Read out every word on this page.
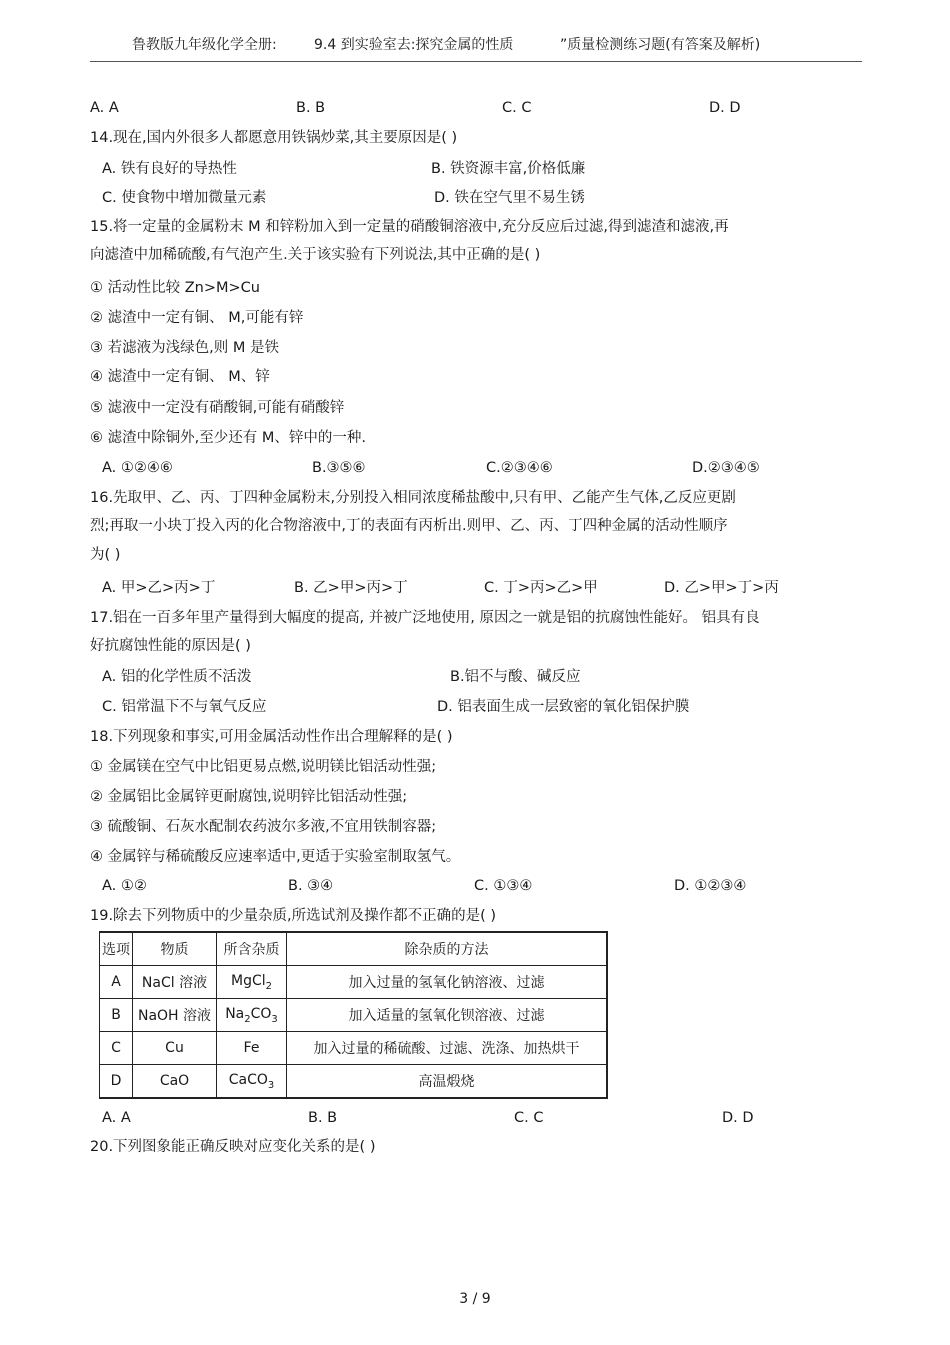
鲁教版九年级化学全册:	9.4 到实验室去:探究金属的性质	”质量检测练习题(有答案及解析)
A. A	B. B	C. C	D. D
14.现在,国内外很多人都愿意用铁锅炒菜,其主要原因是( )
A. 铁有良好的导热性	B. 铁资源丰富,价格低廉
C. 使食物中增加微量元素	D. 铁在空气里不易生锈
15.将一定量的金属粉末 M 和锌粉加入到一定量的硝酸铜溶液中,充分反应后过滤,得到滤渣和滤液,再
向滤渣中加稀硫酸,有气泡产生.关于该实验有下列说法,其中正确的是( )
① 活动性比较 Zn>M>Cu
② 滤渣中一定有铜、 M,可能有锌
③ 若滤液为浅绿色,则 M 是铁
④ 滤渣中一定有铜、 M、锌
⑤ 滤液中一定没有硝酸铜,可能有硝酸锌
⑥ 滤渣中除铜外,至少还有 M、锌中的一种.
A. ①②④⑥	B.③⑤⑥	C.②③④⑥	D.②③④⑤
16.先取甲、乙、丙、丁四种金属粉末,分别投入相同浓度稀盐酸中,只有甲、乙能产生气体,乙反应更剧
烈;再取一小块丁投入丙的化合物溶液中,丁的表面有丙析出.则甲、乙、丙、丁四种金属的活动性顺序
为( )
A. 甲>乙>丙>丁	B. 乙>甲>丙>丁	C. 丁>丙>乙>甲	D. 乙>甲>丁>丙
17.铝在一百多年里产量得到大幅度的提高, 并被广泛地使用, 原因之一就是铝的抗腐蚀性能好。 铝具有良
好抗腐蚀性能的原因是( )
A. 铝的化学性质不活泼	B.铝不与酸、碱反应
C. 铝常温下不与氧气反应	D. 铝表面生成一层致密的氧化铝保护膜
18.下列现象和事实,可用金属活动性作出合理解释的是( )
① 金属镁在空气中比铝更易点燃,说明镁比铝活动性强;
② 金属铝比金属锌更耐腐蚀,说明锌比铝活动性强;
③ 硫酸铜、石灰水配制农药波尔多液,不宜用铁制容器;
④ 金属锌与稀硫酸反应速率适中,更适于实验室制取氢气。
A. ①②	B. ③④	C. ①③④	D. ①②③④
19.除去下列物质中的少量杂质,所选试剂及操作都不正确的是( )
选项	物质	所含杂质	除杂质的方法
A	NaCl 溶液	MgCl$_2$	加入过量的氢氧化钠溶液、过滤
B	NaOH 溶液	$Na_2CO_3$	加入适量的氢氧化钡溶液、过滤
C	Cu	Fe	加入过量的稀硫酸、过滤、洗涤、加热烘干
D	CaO	CaCO$_3$	高温煅烧
A. A	B. B	C. C	D. D
20.下列图象能正确反映对应变化关系的是( )
3 / 9
